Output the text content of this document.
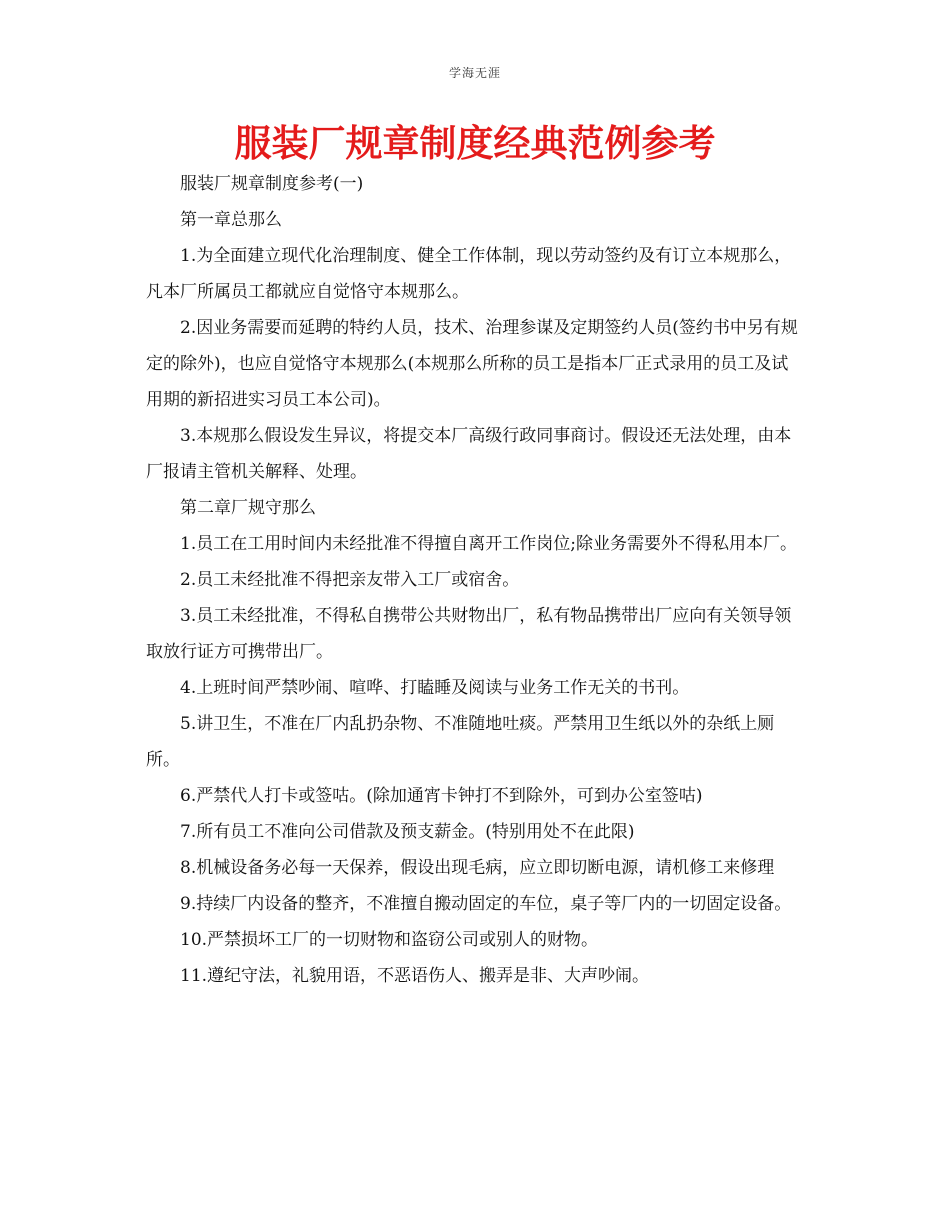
学海无涯
服装厂规章制度经典范例参考

服装厂规章制度参考(一)

第一章总那么

1.为全面建立现代化治理制度、健全工作体制，现以劳动签约及有订立本规那么，凡本厂所属员工都就应自觉恪守本规那么。

2.因业务需要而延聘的特约人员，技术、治理参谋及定期签约人员(签约书中另有规定的除外)，也应自觉恪守本规那么(本规那么所称的员工是指本厂正式录用的员工及试用期的新招进实习员工本公司)。

3.本规那么假设发生异议，将提交本厂高级行政同事商讨。假设还无法处理，由本厂报请主管机关解释、处理。

第二章厂规守那么

1.员工在工用时间内未经批准不得擅自离开工作岗位;除业务需要外不得私用本厂。

2.员工未经批准不得把亲友带入工厂或宿舍。

3.员工未经批准，不得私自携带公共财物出厂，私有物品携带出厂应向有关领导领取放行证方可携带出厂。

4.上班时间严禁吵闹、喧哗、打瞌睡及阅读与业务工作无关的书刊。

5.讲卫生，不准在厂内乱扔杂物、不准随地吐痰。严禁用卫生纸以外的杂纸上厕所。

6.严禁代人打卡或签咕。(除加通宵卡钟打不到除外，可到办公室签咕)

7.所有员工不准向公司借款及预支薪金。(特别用处不在此限)

8.机械设备务必每一天保养，假设出现毛病，应立即切断电源，请机修工来修理

9.持续厂内设备的整齐，不准擅自搬动固定的车位，桌子等厂内的一切固定设备。

10.严禁损坏工厂的一切财物和盗窃公司或别人的财物。

11.遵纪守法，礼貌用语，不恶语伤人、搬弄是非、大声吵闹。
